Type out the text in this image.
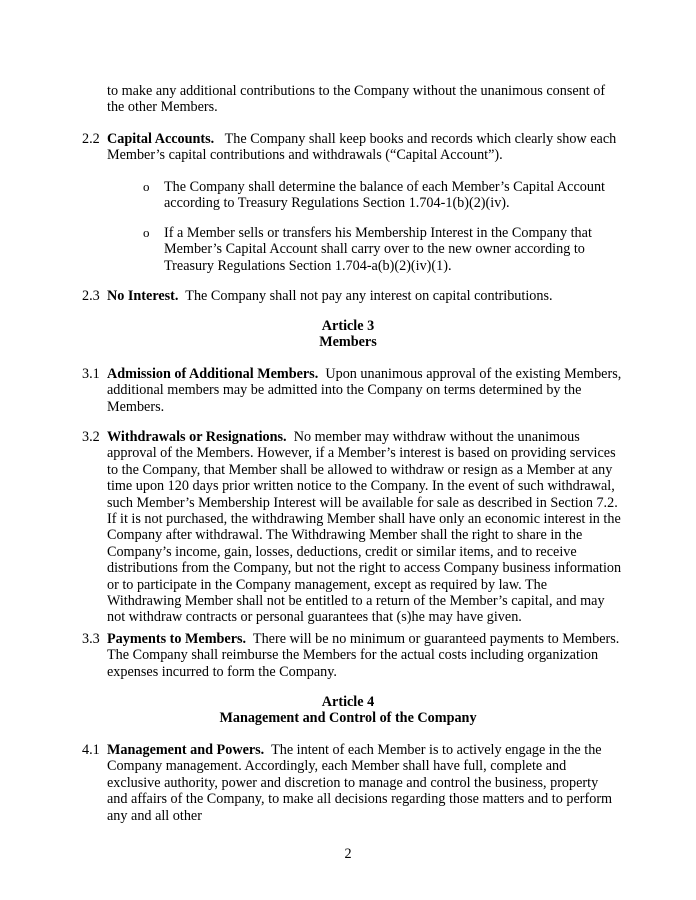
to make any additional contributions to the Company without the unanimous consent of the other Members.
2.2 Capital Accounts. The Company shall keep books and records which clearly show each Member’s capital contributions and withdrawals (“Capital Account”).
o The Company shall determine the balance of each Member’s Capital Account according to Treasury Regulations Section 1.704-1(b)(2)(iv).
o If a Member sells or transfers his Membership Interest in the Company that Member’s Capital Account shall carry over to the new owner according to Treasury Regulations Section 1.704-a(b)(2)(iv)(1).
2.3 No Interest. The Company shall not pay any interest on capital contributions.
Article 3
Members
3.1 Admission of Additional Members. Upon unanimous approval of the existing Members, additional members may be admitted into the Company on terms determined by the Members.
3.2 Withdrawals or Resignations. No member may withdraw without the unanimous approval of the Members. However, if a Member’s interest is based on providing services to the Company, that Member shall be allowed to withdraw or resign as a Member at any time upon 120 days prior written notice to the Company. In the event of such withdrawal, such Member’s Membership Interest will be available for sale as described in Section 7.2. If it is not purchased, the withdrawing Member shall have only an economic interest in the Company after withdrawal. The Withdrawing Member shall the right to share in the Company’s income, gain, losses, deductions, credit or similar items, and to receive distributions from the Company, but not the right to access Company business information or to participate in the Company management, except as required by law. The Withdrawing Member shall not be entitled to a return of the Member’s capital, and may not withdraw contracts or personal guarantees that (s)he may have given.
3.3 Payments to Members. There will be no minimum or guaranteed payments to Members. The Company shall reimburse the Members for the actual costs including organization expenses incurred to form the Company.
Article 4
Management and Control of the Company
4.1 Management and Powers. The intent of each Member is to actively engage in the the Company management. Accordingly, each Member shall have full, complete and exclusive authority, power and discretion to manage and control the business, property and affairs of the Company, to make all decisions regarding those matters and to perform any and all other
2
